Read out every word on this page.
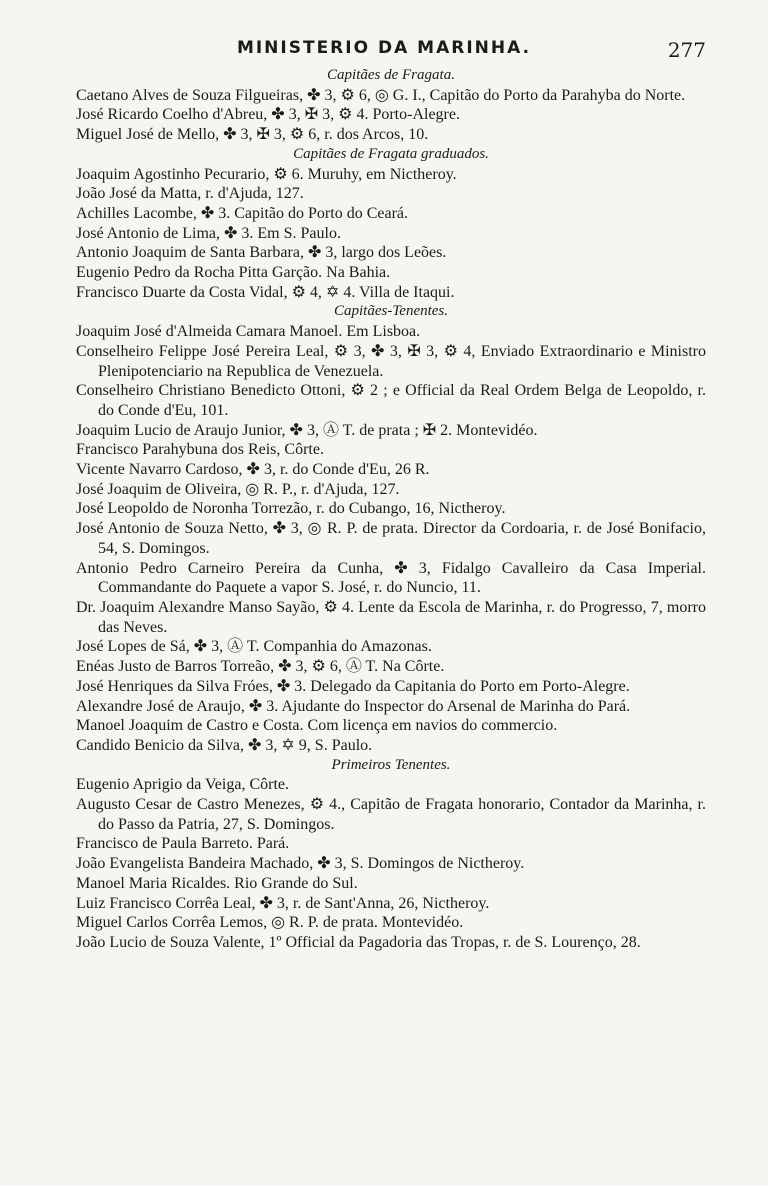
MINISTERIO DA MARINHA.	277
Capitães de Fragata.
Caetano Alves de Souza Filgueiras, ✤ 3, ⚙ 6, ◎ G. I., Capitão do Porto da Parahyba do Norte.
José Ricardo Coelho d'Abreu, ✤ 3, ✠ 3, ⚙ 4. Porto-Alegre.
Miguel José de Mello, ✤ 3, ✠ 3, ⚙ 6, r. dos Arcos, 10.
Capitães de Fragata graduados.
Joaquim Agostinho Pecurario, ⚙ 6. Muruhy, em Nictheroy.
João José da Matta, r. d'Ajuda, 127.
Achilles Lacombe, ✤ 3. Capitão do Porto do Ceará.
José Antonio de Lima, ✤ 3. Em S. Paulo.
Antonio Joaquim de Santa Barbara, ✤ 3, largo dos Leões.
Eugenio Pedro da Rocha Pitta Garção. Na Bahia.
Francisco Duarte da Costa Vidal, ⚙ 4, ✡ 4. Villa de Itaqui.
Capitães-Tenentes.
Joaquim José d'Almeida Camara Manoel. Em Lisboa.
Conselheiro Felippe José Pereira Leal, ⚙ 3, ✤ 3, ✠ 3, ⚙ 4, Enviado Extraordinario e Ministro Plenipotenciario na Republica de Venezuela.
Conselheiro Christiano Benedicto Ottoni, ⚙ 2 ; e Official da Real Ordem Belga de Leopoldo, r. do Conde d'Eu, 101.
Joaquim Lucio de Araujo Junior, ✤ 3, Ⓐ T. de prata ; ✠ 2. Montevidéo.
Francisco Parahybuna dos Reis, Côrte.
Vicente Navarro Cardoso, ✤ 3, r. do Conde d'Eu, 26 R.
José Joaquim de Oliveira, ◎ R. P., r. d'Ajuda, 127.
José Leopoldo de Noronha Torrezão, r. do Cubango, 16, Nictheroy.
José Antonio de Souza Netto, ✤ 3, ◎ R. P. de prata. Director da Cordoaria, r. de José Bonifacio, 54, S. Domingos.
Antonio Pedro Carneiro Pereira da Cunha, ✤ 3, Fidalgo Cavalleiro da Casa Imperial. Commandante do Paquete a vapor S. José, r. do Nuncio, 11.
Dr. Joaquim Alexandre Manso Sayão, ⚙ 4. Lente da Escola de Marinha, r. do Progresso, 7, morro das Neves.
José Lopes de Sá, ✤ 3, Ⓐ T. Companhia do Amazonas.
Enéas Justo de Barros Torreão, ✤ 3, ⚙ 6, Ⓐ T. Na Côrte.
José Henriques da Silva Fróes, ✤ 3. Delegado da Capitania do Porto em Porto-Alegre.
Alexandre José de Araujo, ✤ 3. Ajudante do Inspector do Arsenal de Marinha do Pará.
Manoel Joaquim de Castro e Costa. Com licença em navios do commercio.
Candido Benicio da Silva, ✤ 3, ✡ 9, S. Paulo.
Primeiros Tenentes.
Eugenio Aprigio da Veiga, Côrte.
Augusto Cesar de Castro Menezes, ⚙ 4., Capitão de Fragata honorario, Contador da Marinha, r. do Passo da Patria, 27, S. Domingos.
Francisco de Paula Barreto. Pará.
João Evangelista Bandeira Machado, ✤ 3, S. Domingos de Nictheroy.
Manoel Maria Ricaldes. Rio Grande do Sul.
Luiz Francisco Corrêa Leal, ✤ 3, r. de Sant'Anna, 26, Nictheroy.
Miguel Carlos Corrêa Lemos, ◎ R. P. de prata. Montevidéo.
João Lucio de Souza Valente, 1º Official da Pagadoria das Tropas, r. de S. Lourenço, 28.
